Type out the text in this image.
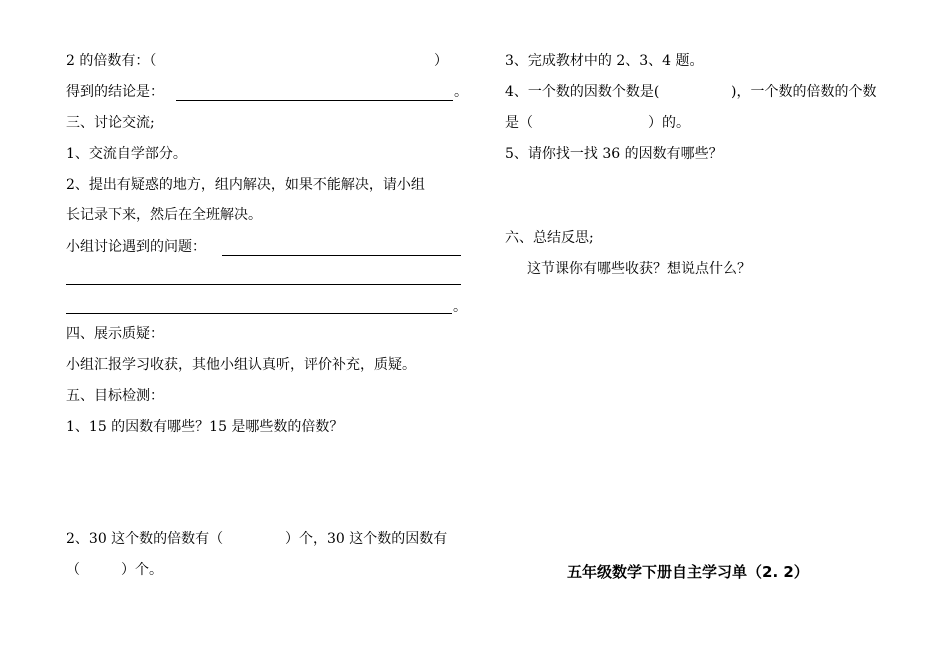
2 的倍数有：（	）
得到的结论是：	。
三、讨论交流;
1、交流自学部分。
2、提出有疑惑的地方，组内解决，如果不能解决，请小组
长记录下来，然后在全班解决。
小组讨论遇到的问题：
。
四、展示质疑：
小组汇报学习收获，其他小组认真听，评价补充，质疑。
五、目标检测：
1、15 的因数有哪些？15 是哪些数的倍数？
2、30 这个数的倍数有（	）个，30 这个数的因数有
（	）个。
3、完成教材中的 2、3、4 题。
4、一个数的因数个数是(	)，一个数的倍数的个数
是（	）的。
5、请你找一找 36 的因数有哪些？
六、总结反思;
这节课你有哪些收获？想说点什么？
五年级数学下册自主学习单（2. 2）
